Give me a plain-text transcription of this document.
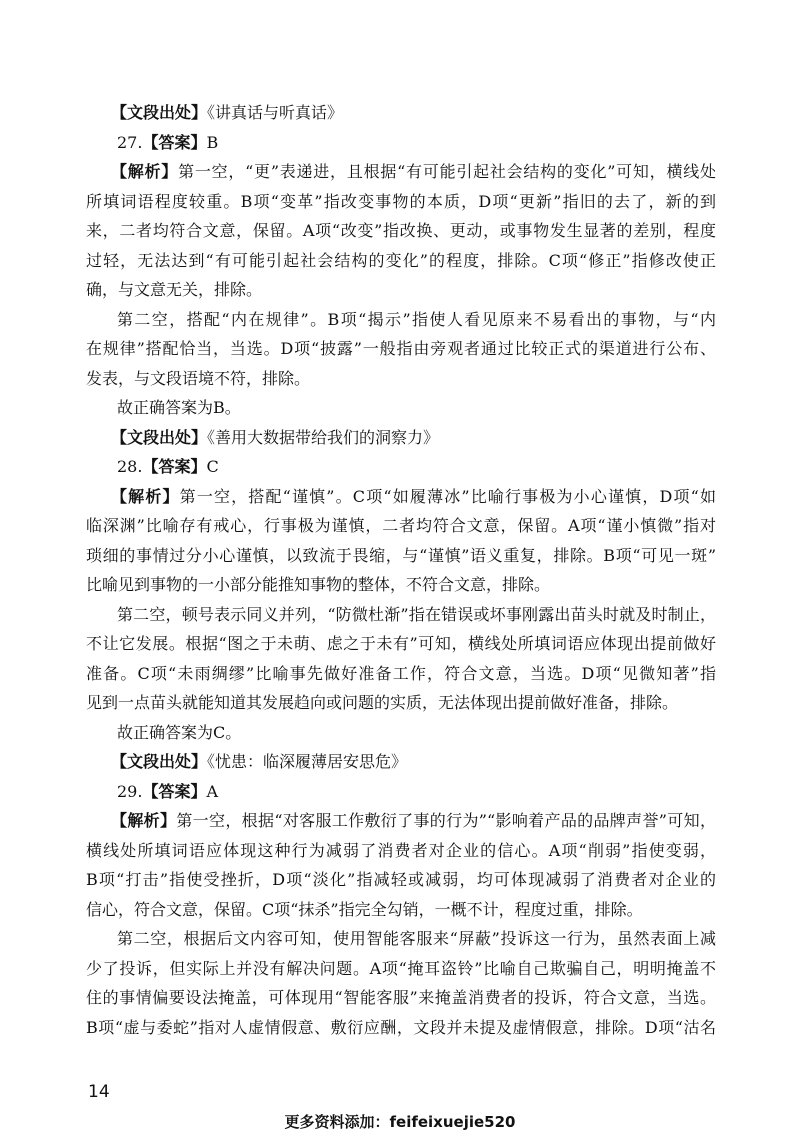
【文段出处】《讲真话与听真话》
27.【答案】B
【解析】第一空，“更”表递进，且根据“有可能引起社会结构的变化”可知，横线处
所填词语程度较重。B项“变革”指改变事物的本质，D项“更新”指旧的去了，新的到
来，二者均符合文意，保留。A项“改变”指改换、更动，或事物发生显著的差别，程度
过轻，无法达到“有可能引起社会结构的变化”的程度，排除。C项“修正”指修改使正
确，与文意无关，排除。
第二空，搭配“内在规律”。B项“揭示”指使人看见原来不易看出的事物，与“内
在规律”搭配恰当，当选。D项“披露”一般指由旁观者通过比较正式的渠道进行公布、
发表，与文段语境不符，排除。
故正确答案为B。
【文段出处】《善用大数据带给我们的洞察力》
28.【答案】C
【解析】第一空，搭配“谨慎”。C项“如履薄冰”比喻行事极为小心谨慎，D项“如
临深渊”比喻存有戒心，行事极为谨慎，二者均符合文意，保留。A项“谨小慎微”指对
琐细的事情过分小心谨慎，以致流于畏缩，与“谨慎”语义重复，排除。B项“可见一斑”
比喻见到事物的一小部分能推知事物的整体，不符合文意，排除。
第二空，顿号表示同义并列，“防微杜渐”指在错误或坏事刚露出苗头时就及时制止，
不让它发展。根据“图之于未萌、虑之于未有”可知，横线处所填词语应体现出提前做好
准备。C项“未雨绸缪”比喻事先做好准备工作，符合文意，当选。D项“见微知著”指
见到一点苗头就能知道其发展趋向或问题的实质，无法体现出提前做好准备，排除。
故正确答案为C。
【文段出处】《忧患：临深履薄居安思危》
29.【答案】A
【解析】第一空，根据“对客服工作敷衍了事的行为”“影响着产品的品牌声誉”可知，
横线处所填词语应体现这种行为减弱了消费者对企业的信心。A项“削弱”指使变弱，
B项“打击”指使受挫折，D项“淡化”指减轻或减弱，均可体现减弱了消费者对企业的
信心，符合文意，保留。C项“抹杀”指完全勾销，一概不计，程度过重，排除。
第二空，根据后文内容可知，使用智能客服来“屏蔽”投诉这一行为，虽然表面上减
少了投诉，但实际上并没有解决问题。A项“掩耳盗铃”比喻自己欺骗自己，明明掩盖不
住的事情偏要设法掩盖，可体现用“智能客服”来掩盖消费者的投诉，符合文意，当选。
B项“虚与委蛇”指对人虚情假意、敷衍应酬，文段并未提及虚情假意，排除。D项“沽名
14
更多资料添加：feifeixuejie520
